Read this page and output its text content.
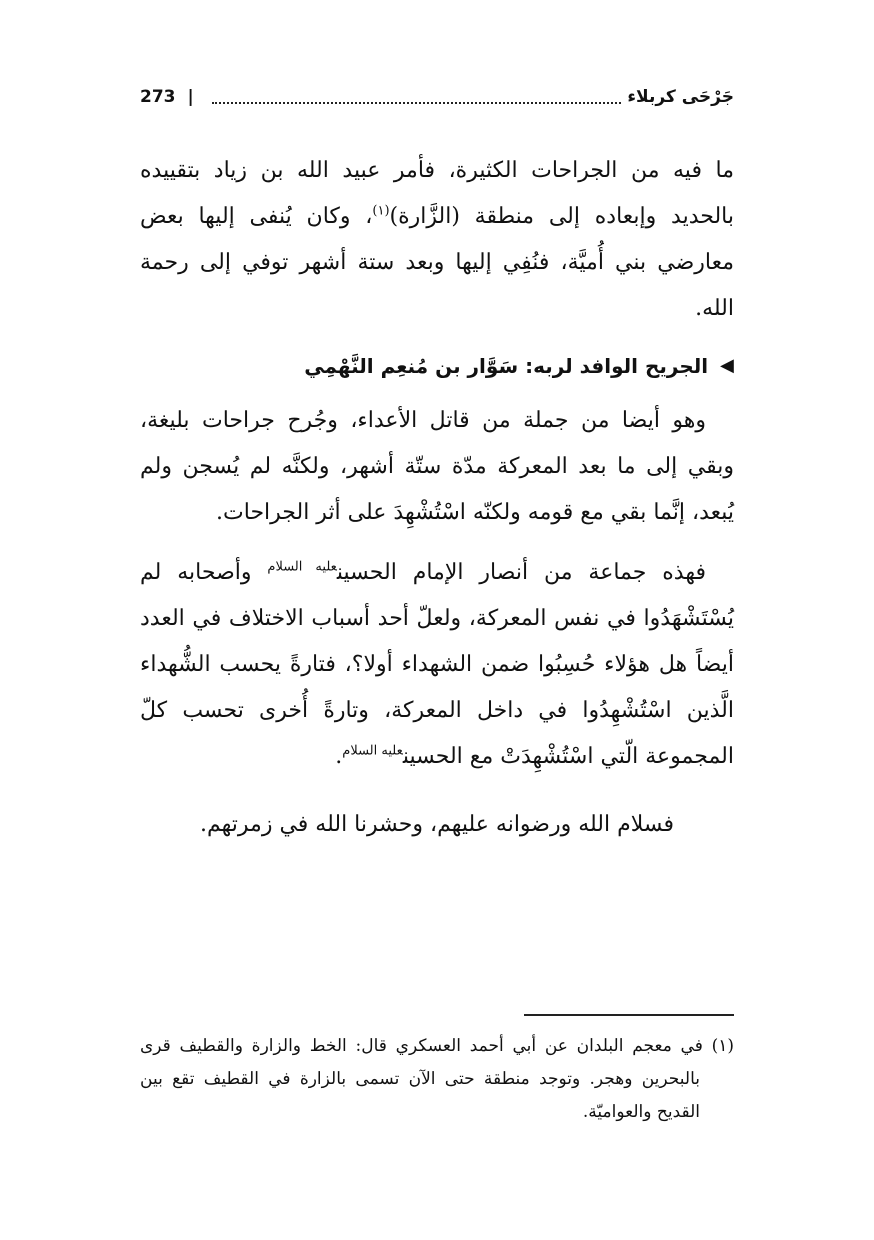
جَرْحَى كربلاء
|
273

ما فيه من الجراحات الكثيرة، فأمر عبيد الله بن زياد بتقييده بالحديد وإبعاده إلى منطقة (الزَّارة)$^{(١)}$، وكان يُنفى إليها بعض معارضي بني أُميَّة، فنُفِي إليها وبعد ستة أشهر توفي إلى رحمة الله.

▶
الجريح الوافد لربه: سَوَّار بن مُنعِم النَّهْمِي

وهو أيضا من جملة من قاتل الأعداء، وجُرح جراحات بليغة، وبقي إلى ما بعد المعركة مدّة ستّة أشهر، ولكنَّه لم يُسجن ولم يُبعد، إنَّما بقي مع قومه ولكنّه اسْتُشْهِدَ على أثر الجراحات.

فهذه جماعة من أنصار الإمام الحسين$^{عليه السلام}$ وأصحابه لم يُسْتَشْهَدُوا في نفس المعركة، ولعلّ أحد أسباب الاختلاف في العدد أيضاً هل هؤلاء حُسِبُوا ضمن الشهداء أولا؟، فتارةً يحسب الشُّهداء الَّذين اسْتُشْهِدُوا في داخل المعركة، وتارةً أُخرى تحسب كلّ المجموعة الّتي اسْتُشْهِدَتْ مع الحسين$^{عليه السلام}$.

فسلام الله ورضوانه عليهم، وحشرنا الله في زمرتهم.

(١) في معجم البلدان عن أبي أحمد العسكري قال: الخط والزارة والقطيف قرى بالبحرين وهجر. وتوجد منطقة حتى الآن تسمى بالزارة في القطيف تقع بين القديح والعواميّة.
